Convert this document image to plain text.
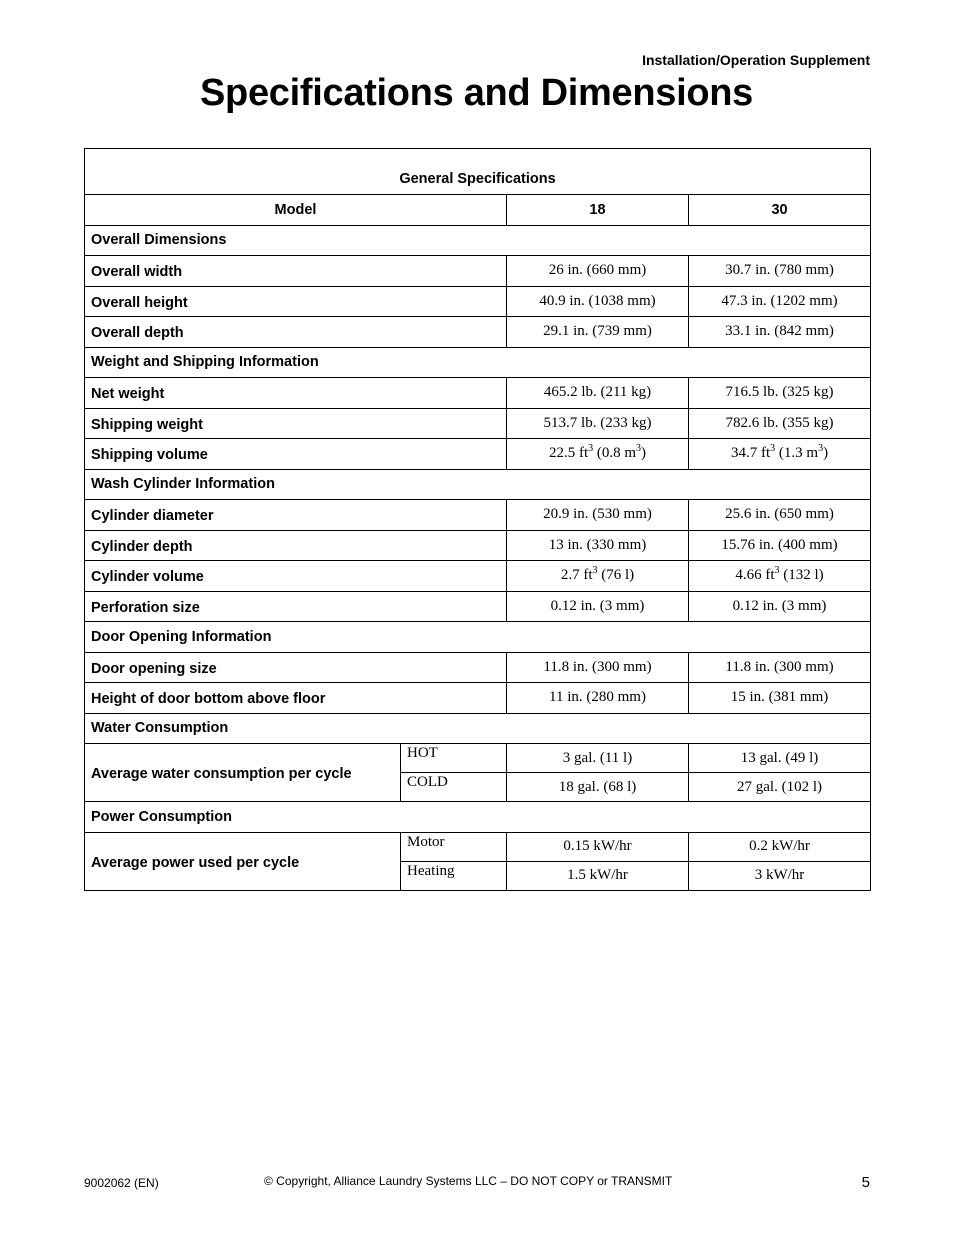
Installation/Operation Supplement
Specifications and Dimensions
General Specifications			
Model		18	30
Overall Dimensions			
Overall width		26 in. (660 mm)	30.7 in. (780 mm)
Overall height		40.9 in. (1038 mm)	47.3 in. (1202 mm)
Overall depth		29.1 in. (739 mm)	33.1 in. (842 mm)
Weight and Shipping Information			
Net weight		465.2 lb. (211 kg)	716.5 lb. (325 kg)
Shipping weight		513.7 lb. (233 kg)	782.6 lb. (355 kg)
Shipping volume		22.5 $ft^3$ (0.8 $m^3$)	34.7 $ft^3$ (1.3 $m^3$)
Wash Cylinder Information			
Cylinder diameter		20.9 in. (530 mm)	25.6 in. (650 mm)
Cylinder depth		13 in. (330 mm)	15.76 in. (400 mm)
Cylinder volume		2.7 $ft^3$ (76 l)	4.66 $ft^3$ (132 l)
Perforation size		0.12 in. (3 mm)	0.12 in. (3 mm)
Door Opening Information			
Door opening size		11.8 in. (300 mm)	11.8 in. (300 mm)
Height of door bottom above floor		11 in. (280 mm)	15 in. (381 mm)
Water Consumption			
Average water consumption per cycle	HOT	3 gal. (11 l)	13 gal. (49 l)
	COLD	18 gal. (68 l)	27 gal. (102 l)
Power Consumption			
Average power used per cycle	Motor	0.15 kW/hr	0.2 kW/hr
	Heating	1.5 kW/hr	3 kW/hr
9002062 (EN)	© Copyright, Alliance Laundry Systems LLC – DO NOT COPY or TRANSMIT	5
